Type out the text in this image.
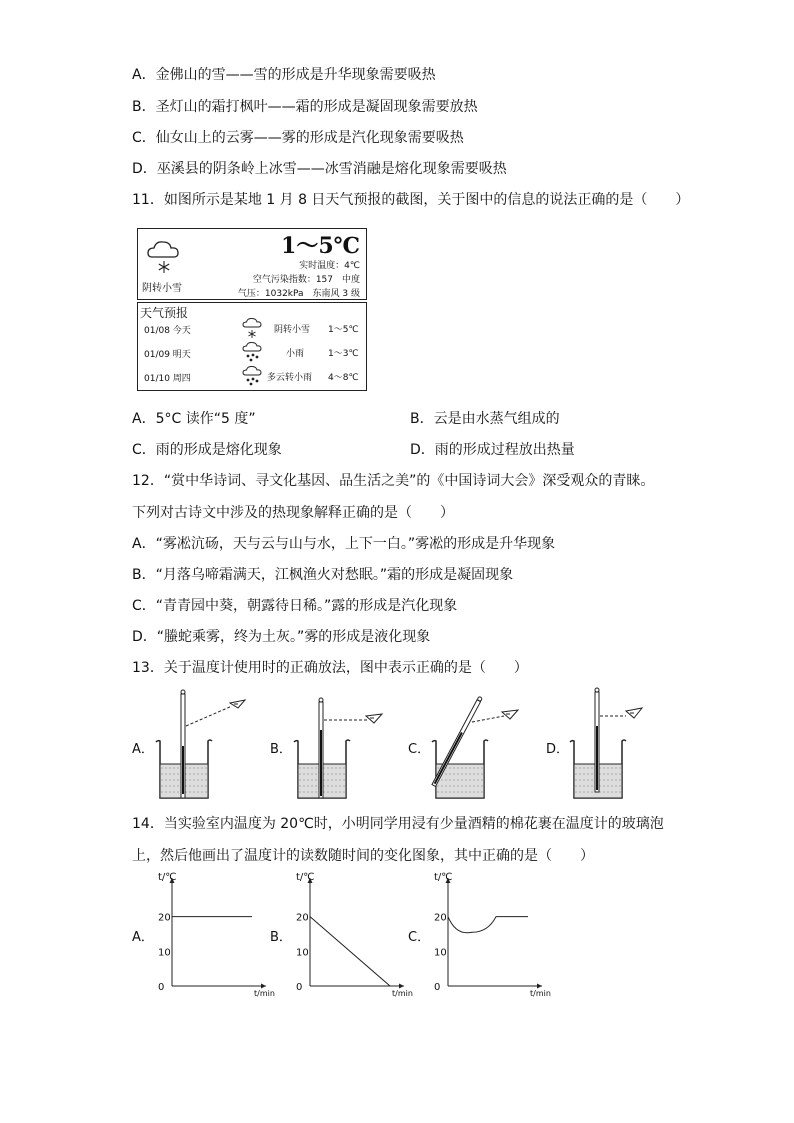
A．金佛山的雪——雪的形成是升华现象需要吸热
B．圣灯山的霜打枫叶——霜的形成是凝固现象需要放热
C．仙女山上的云雾——雾的形成是汽化现象需要吸热
D．巫溪县的阴条岭上冰雪——冰雪消融是熔化现象需要吸热
11．如图所示是某地 1 月 8 日天气预报的截图，关于图中的信息的说法正确的是（　　）
阴转小雪
1～5℃
实时温度：4℃
空气污染指数：157　中度
气压：1032kPa　东南风 3 级
天气预报
01/08 今天	阴转小雪 1～5℃
01/09 明天	小雨	1～3℃
01/10 周四	多云转小雨 4～8℃
A．5°C 读作“5 度”	B．云是由水蒸气组成的
C．雨的形成是熔化现象	D．雨的形成过程放出热量
12．“赏中华诗词、寻文化基因、品生活之美”的《中国诗词大会》深受观众的青睐。
下列对古诗文中涉及的热现象解释正确的是（　　）
A．“雾凇沆砀，天与云与山与水，上下一白。”雾凇的形成是升华现象
B．“月落乌啼霜满天，江枫渔火对愁眠。”霜的形成是凝固现象
C．“青青园中葵，朝露待日稀。”露的形成是汽化现象
D．“螣蛇乘雾，终为土灰。”雾的形成是液化现象
13．关于温度计使用时的正确放法，图中表示正确的是（　　）
A．	B．	C．	D．
14．当实验室内温度为 20℃时，小明同学用浸有少量酒精的棉花裹在温度计的玻璃泡
上，然后他画出了温度计的读数随时间的变化图象，其中正确的是（　　）
A．	B．	C．
t/℃
t/min
20
10
0
t/℃
t/min
20
10
0
t/℃
t/min
20
10
0
